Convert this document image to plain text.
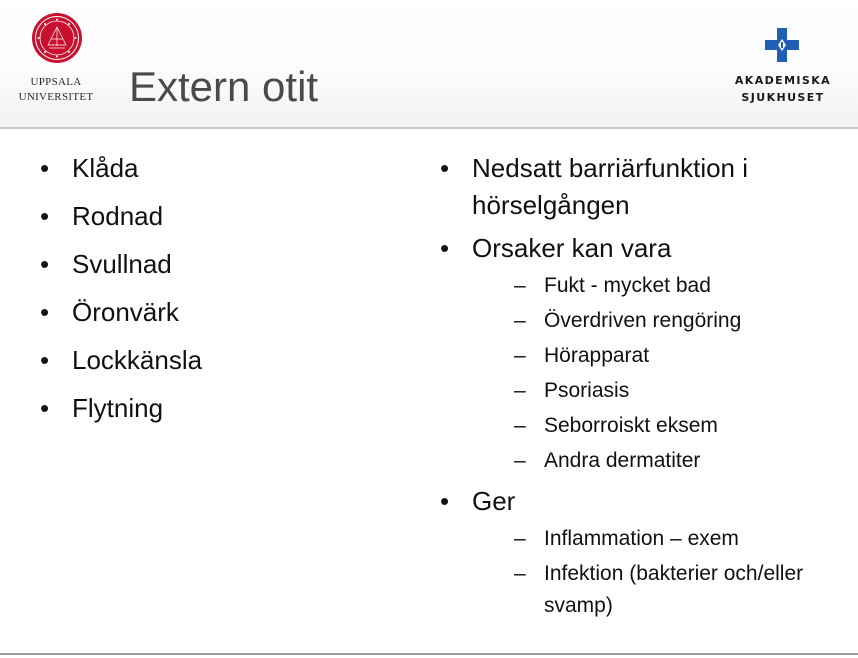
UPPSALA
UNIVERSITET Extern otit	AKADEMISKA
SJUKHUSET
• Klåda
• Rodnad
• Svullnad
• Öronvärk
• Lockkänsla
• Flytning
• Nedsatt barriärfunktion i hörselgången
• Orsaker kan vara
– Fukt - mycket bad
– Överdriven rengöring
– Hörapparat
– Psoriasis
– Seborroiskt eksem
– Andra dermatiter
• Ger
– Inflammation – exem
– Infektion (bakterier och/eller svamp)
